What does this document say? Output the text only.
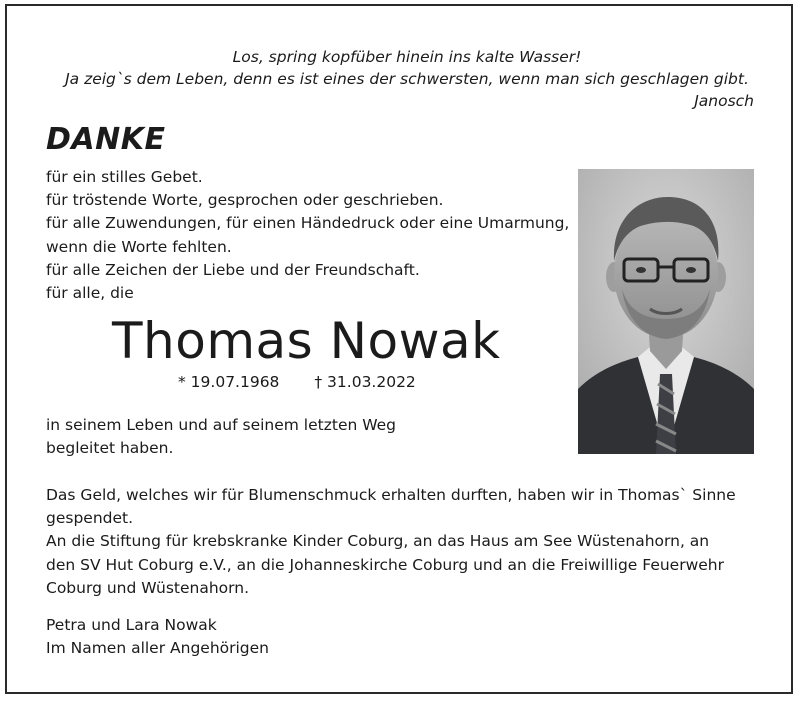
Los, spring kopfüber hinein ins kalte Wasser!
Ja zeig`s dem Leben, denn es ist eines der schwersten, wenn man sich geschlagen gibt.
Janosch
DANKE
für ein stilles Gebet.
für tröstende Worte, gesprochen oder geschrieben.
für alle Zuwendungen, für einen Händedruck oder eine Umarmung,
wenn die Worte fehlten.
für alle Zeichen der Liebe und der Freundschaft.
für alle, die
Thomas Nowak
* 19.07.1968 † 31.03.2022
in seinem Leben und auf seinem letzten Weg
begleitet haben.
Das Geld, welches wir für Blumenschmuck erhalten durften, haben wir in Thomas` Sinne gespendet.
An die Stiftung für krebskranke Kinder Coburg, an das Haus am See Wüstenahorn, an den SV Hut Coburg e.V., an die Johanneskirche Coburg und an die Freiwillige Feuerwehr Coburg und Wüstenahorn.
Petra und Lara Nowak
Im Namen aller Angehörigen
